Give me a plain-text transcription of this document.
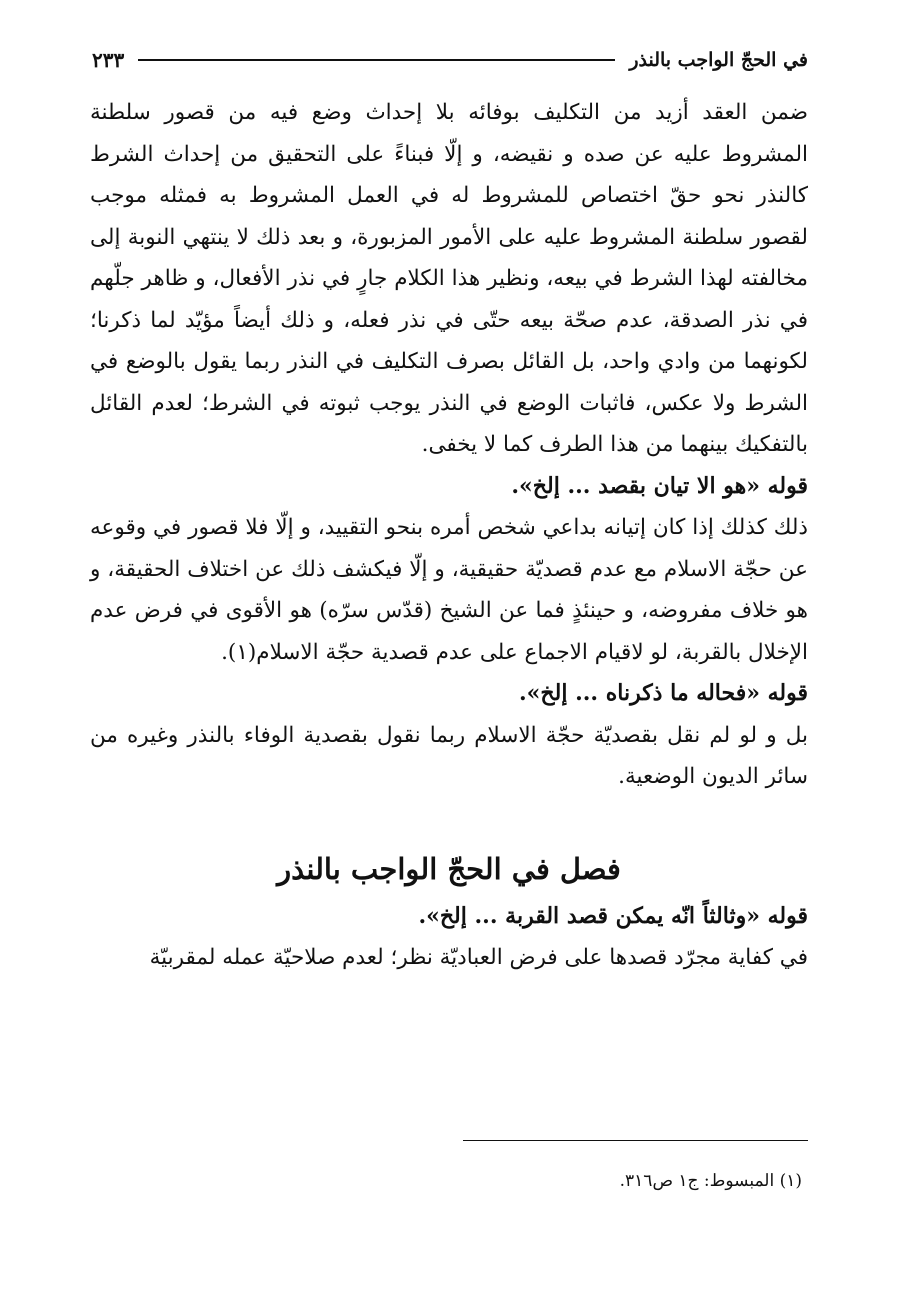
في الحجّ الواجب بالنذر
٢٣٣

ضمن العقد أزيد من التكليف بوفائه بلا إحداث وضع فيه من قصور سلطنة المشروط عليه عن صده و نقيضه، و إلّا فبناءً على التحقيق من إحداث الشرط كالنذر نحو حقّ اختصاص للمشروط له في العمل المشروط به فمثله موجب لقصور سلطنة المشروط عليه على الأمور المزبورة، و بعد ذلك لا ينتهي النوبة إلى مخالفته لهذا الشرط في بيعه، ونظير هذا الكلام جارٍ في نذر الأفعال، و ظاهر جلّهم في نذر الصدقة، عدم صحّة بيعه حتّى في نذر فعله، و ذلك أيضاً مؤيّد لما ذكرنا؛ لكونهما من وادي واحد، بل القائل بصرف التكليف في النذر ربما يقول بالوضع في الشرط ولا عكس، فاثبات الوضع في النذر يوجب ثبوته في الشرط؛ لعدم القائل بالتفكيك بينهما من هذا الطرف كما لا يخفى.

قوله «هو الا تيان بقصد ... إلخ».

ذلك كذلك إذا كان إتيانه بداعي شخص أمره بنحو التقييد، و إلّا فلا قصور في وقوعه عن حجّة الاسلام مع عدم قصديّة حقيقية، و إلّا فيكشف ذلك عن اختلاف الحقيقة، و هو خلاف مفروضه، و حينئذٍ فما عن الشيخ (قدّس سرّه) هو الأقوى في فرض عدم الإخلال بالقربة، لو لاقيام الاجماع على عدم قصدية حجّة الاسلام(١).

قوله «فحاله ما ذكرناه ... إلخ».

بل و لو لم نقل بقصديّة حجّة الاسلام ربما نقول بقصدية الوفاء بالنذر وغيره من سائر الديون الوضعية.

فصل في الحجّ الواجب بالنذر

قوله «وثالثاً انّه يمكن قصد القربة ... إلخ».

في كفاية مجرّد قصدها على فرض العباديّة نظر؛ لعدم صلاحيّة عمله لمقربيّة

(١) المبسوط: ج١ ص٣١٦.
